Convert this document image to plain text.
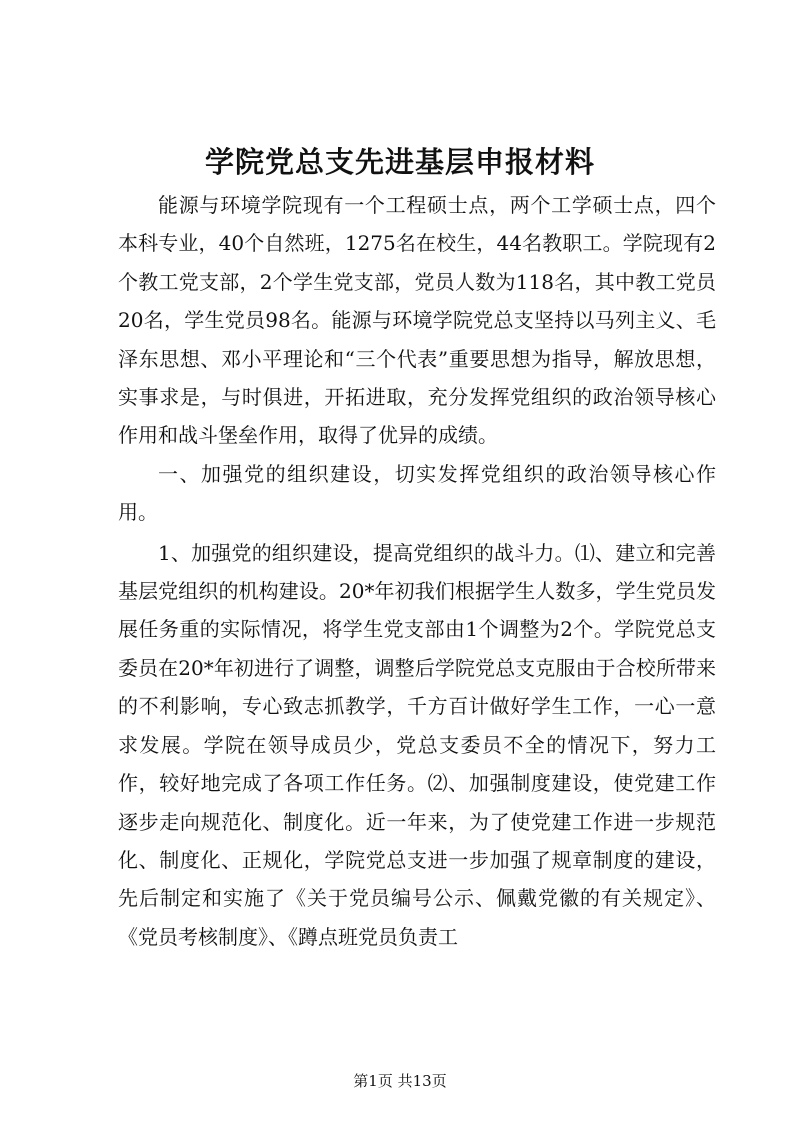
学院党总支先进基层申报材料

能源与环境学院现有一个工程硕士点，两个工学硕士点，四个本科专业，40个自然班，1275名在校生，44名教职工。学院现有2个教工党支部，2个学生党支部，党员人数为118名，其中教工党员20名，学生党员98名。能源与环境学院党总支坚持以马列主义、毛泽东思想、邓小平理论和“三个代表”重要思想为指导，解放思想，实事求是，与时俱进，开拓进取，充分发挥党组织的政治领导核心作用和战斗堡垒作用，取得了优异的成绩。

一、加强党的组织建设，切实发挥党组织的政治领导核心作用。

1、加强党的组织建设，提高党组织的战斗力。⑴、建立和完善基层党组织的机构建设。20*年初我们根据学生人数多，学生党员发展任务重的实际情况，将学生党支部由1个调整为2个。学院党总支委员在20*年初进行了调整，调整后学院党总支克服由于合校所带来的不利影响，专心致志抓教学，千方百计做好学生工作，一心一意求发展。学院在领导成员少，党总支委员不全的情况下，努力工作，较好地完成了各项工作任务。⑵、加强制度建设，使党建工作逐步走向规范化、制度化。近一年来，为了使党建工作进一步规范化、制度化、正规化，学院党总支进一步加强了规章制度的建设，先后制定和实施了《关于党员编号公示、佩戴党徽的有关规定》、《党员考核制度》、《蹲点班党员负责工

第1页 共13页
